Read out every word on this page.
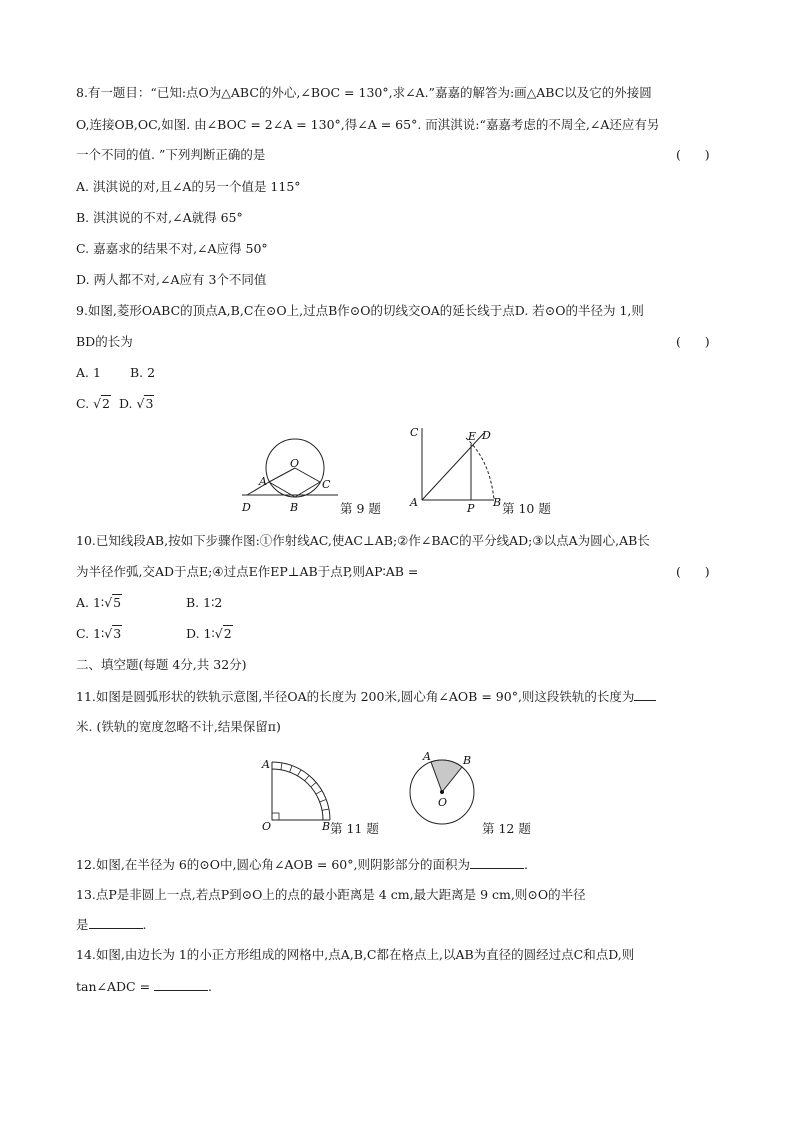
8.有一题目：“已知:点O为△ABC的外心,∠BOC = 130°,求∠A.”嘉嘉的解答为:画△ABC以及它的外接圆
O,连接OB,OC,如图. 由∠BOC = 2∠A = 130°,得∠A = 65°. 而淇淇说:“嘉嘉考虑的不周全,∠A还应有另
一个不同的值. ”下列判断正确的是	(      )
A. 淇淇说的对,且∠A的另一个值是 115°
B. 淇淇说的不对,∠A就得 65°
C. 嘉嘉求的结果不对,∠A应得 50°
D. 两人都不对,∠A应有 3个不同值
9.如图,菱形OABC的顶点A,B,C在⊙O上,过点B作⊙O的切线交OA的延长线于点D. 若⊙O的半径为 1,则
BD的长为	(      )
A. 1 B. 2
C. √2 D. √3
O
A
B
C
D	第 9 题
C	E D
A	P B 第 10 题
10.已知线段AB,按如下步骤作图:①作射线AC,使AC⊥AB;②作∠BAC的平分线AD;③以点A为圆心,AB长
为半径作弧,交AD于点E;④过点E作EP⊥AB于点P,则AP∶AB =	(      )
A. 1∶√5	B. 1∶2
C. 1∶√3	D. 1∶√2
二、填空题(每题 4分,共 32分)
11.如图是圆弧形状的铁轨示意图,半径OA的长度为 200米,圆心角∠AOB = 90°,则这段铁轨的长度为
米. (铁轨的宽度忽略不计,结果保留π)
A
O	B 第 11 题
A	B
O
第 12 题
12.如图,在半径为 6的⊙O中,圆心角∠AOB = 60°,则阴影部分的面积为	.
13.点P是非圆上一点,若点P到⊙O上的点的最小距离是 4 cm,最大距离是 9 cm,则⊙O的半径
是	.
14.如图,由边长为 1的小正方形组成的网格中,点A,B,C都在格点上,以AB为直径的圆经过点C和点D,则
tan∠ADC =	.
